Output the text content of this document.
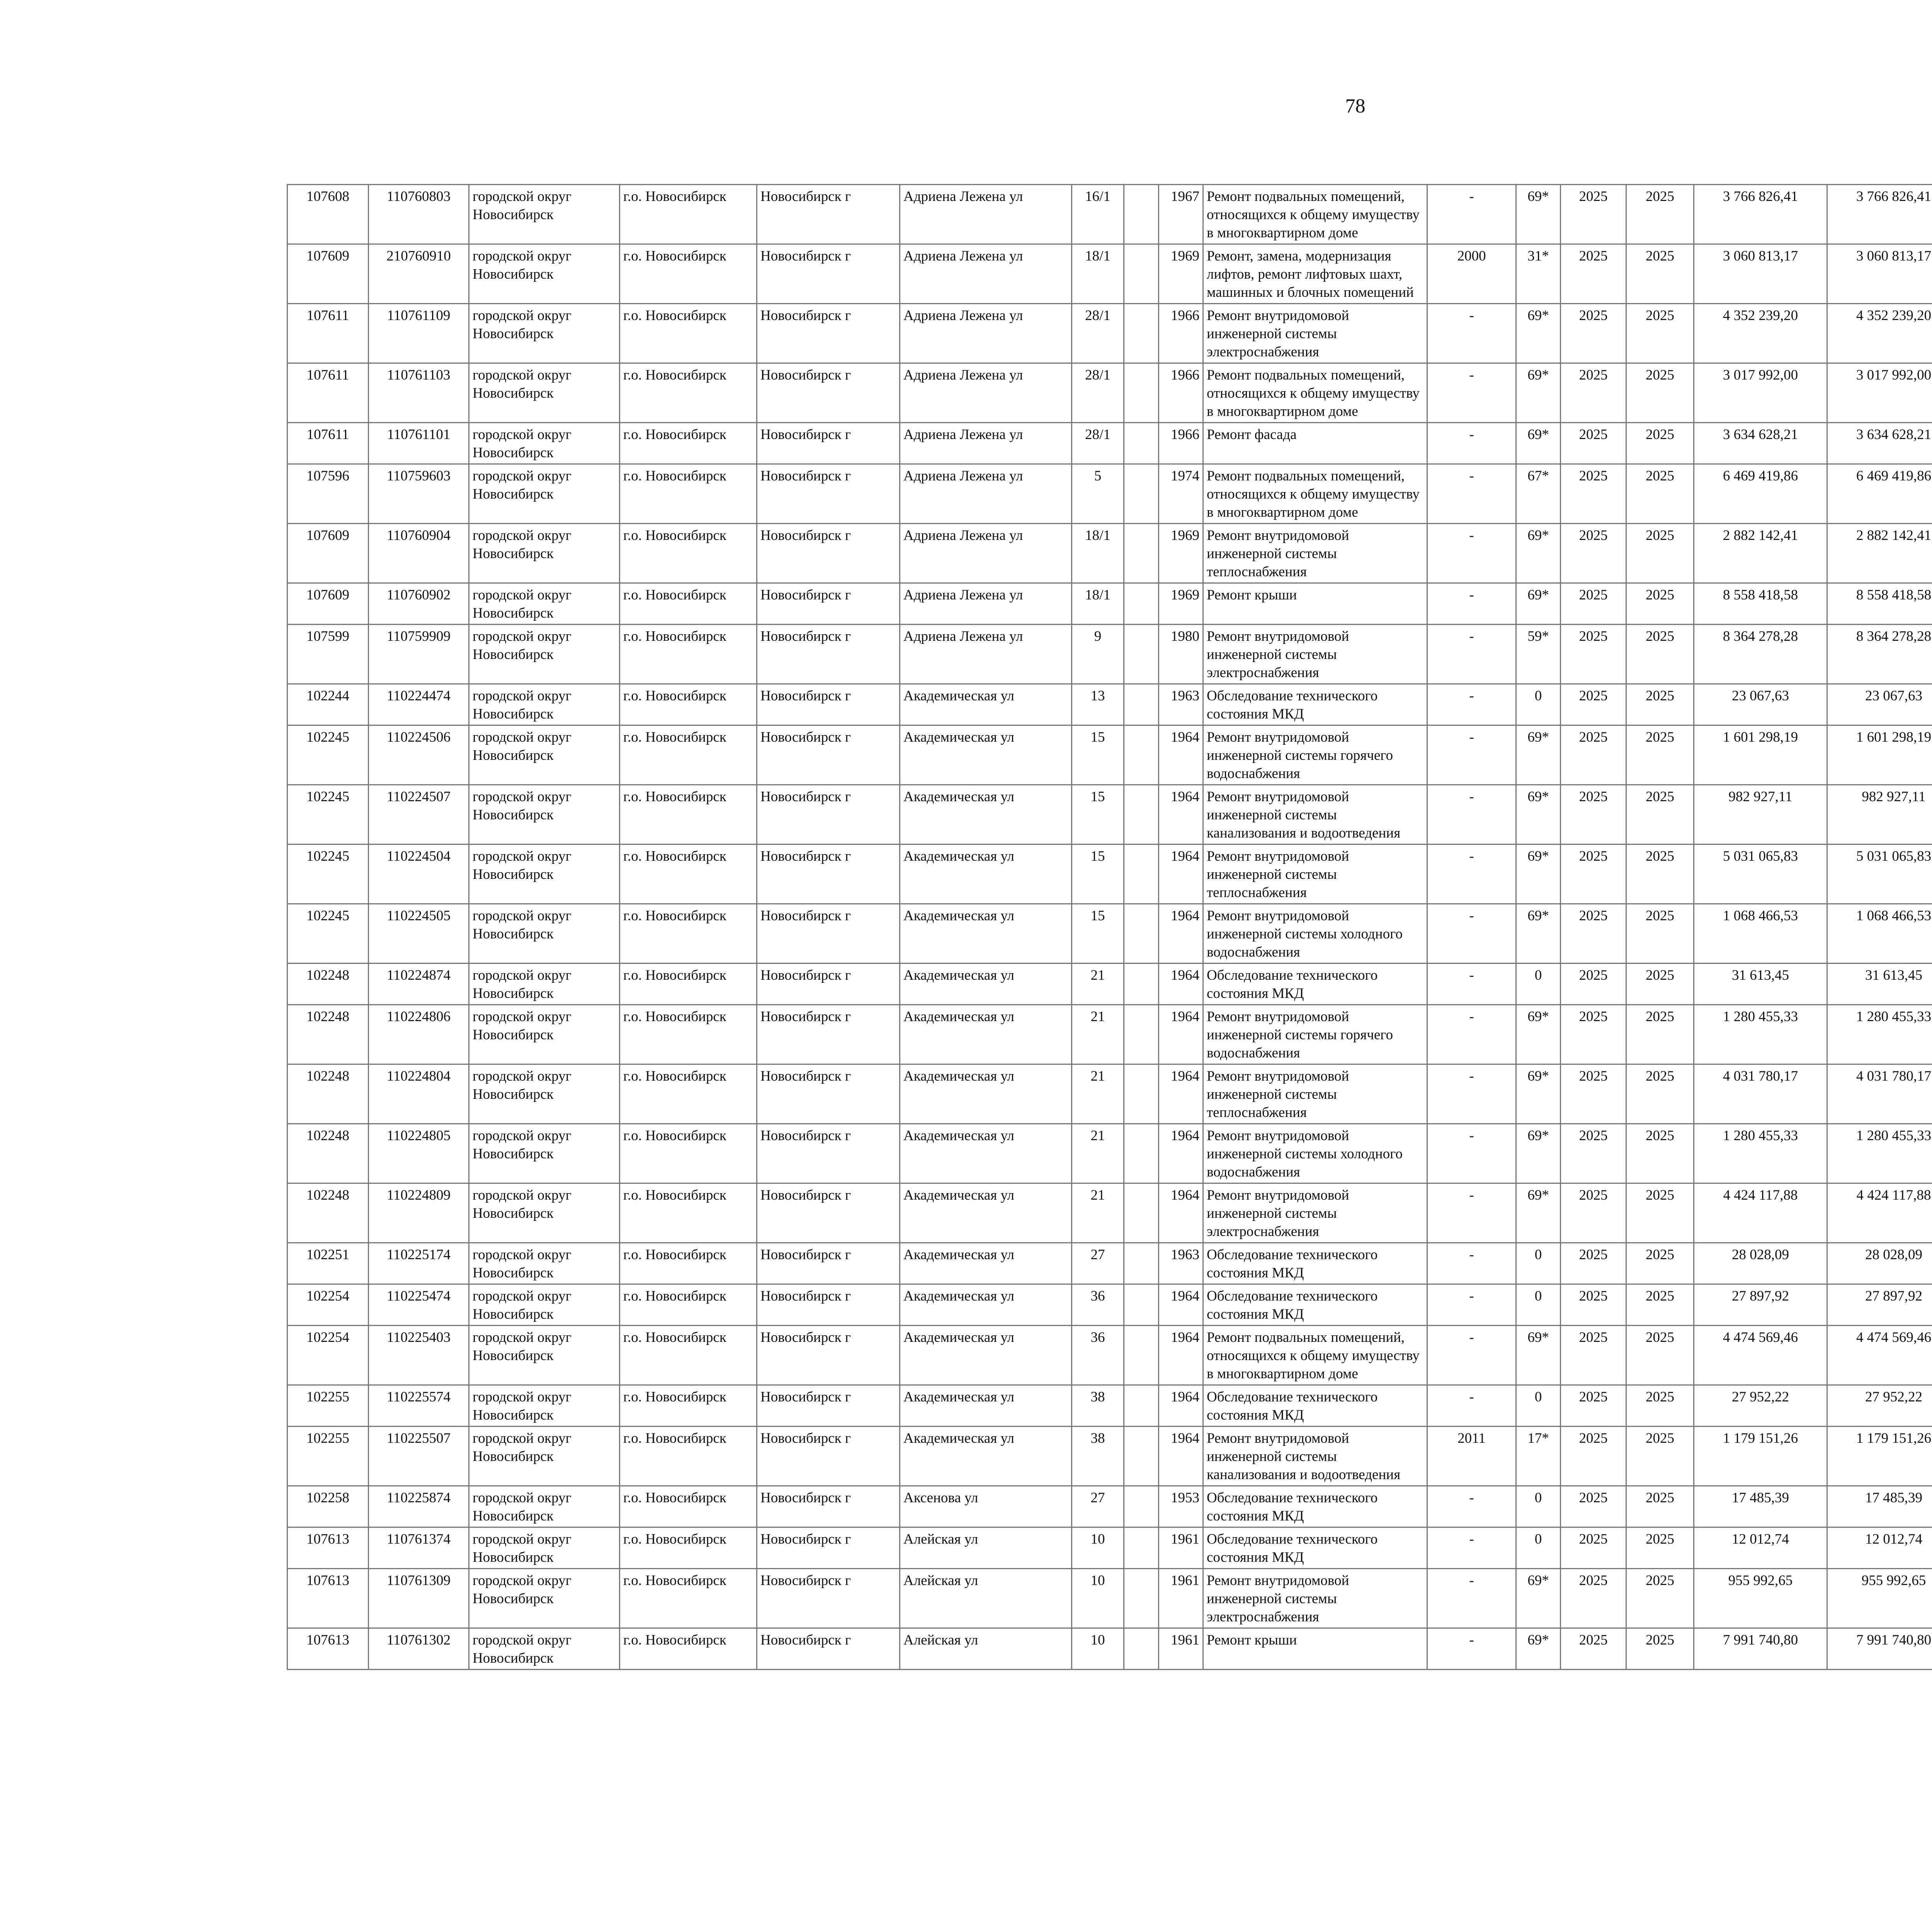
78
107608	110760803	городской округ Новосибирск	г.о. Новосибирск	Новосибирск г	Адриена Лежена ул	16/1		1967	Ремонт подвальных помещений, относящихся к общему имуществу в многоквартирном доме	-	69*	2025	2025	3 766 826,41	3 766 826,41						
107609	210760910	городской округ Новосибирск	г.о. Новосибирск	Новосибирск г	Адриена Лежена ул	18/1		1969	Ремонт, замена, модернизация лифтов, ремонт лифтовых шахт, машинных и блочных помещений	2000	31*	2025	2025	3 060 813,17	3 060 813,17						
107611	110761109	городской округ Новосибирск	г.о. Новосибирск	Новосибирск г	Адриена Лежена ул	28/1		1966	Ремонт внутридомовой инженерной системы электроснабжения	-	69*	2025	2025	4 352 239,20	4 352 239,20						
107611	110761103	городской округ Новосибирск	г.о. Новосибирск	Новосибирск г	Адриена Лежена ул	28/1		1966	Ремонт подвальных помещений, относящихся к общему имуществу в многоквартирном доме	-	69*	2025	2025	3 017 992,00	3 017 992,00						
107611	110761101	городской округ Новосибирск	г.о. Новосибирск	Новосибирск г	Адриена Лежена ул	28/1		1966	Ремонт фасада	-	69*	2025	2025	3 634 628,21	3 634 628,21						
107596	110759603	городской округ Новосибирск	г.о. Новосибирск	Новосибирск г	Адриена Лежена ул	5		1974	Ремонт подвальных помещений, относящихся к общему имуществу в многоквартирном доме	-	67*	2025	2025	6 469 419,86	6 469 419,86						
107609	110760904	городской округ Новосибирск	г.о. Новосибирск	Новосибирск г	Адриена Лежена ул	18/1		1969	Ремонт внутридомовой инженерной системы теплоснабжения	-	69*	2025	2025	2 882 142,41	2 882 142,41						
107609	110760902	городской округ Новосибирск	г.о. Новосибирск	Новосибирск г	Адриена Лежена ул	18/1		1969	Ремонт крыши	-	69*	2025	2025	8 558 418,58	8 558 418,58						
107599	110759909	городской округ Новосибирск	г.о. Новосибирск	Новосибирск г	Адриена Лежена ул	9		1980	Ремонт внутридомовой инженерной системы электроснабжения	-	59*	2025	2025	8 364 278,28	8 364 278,28						
102244	110224474	городской округ Новосибирск	г.о. Новосибирск	Новосибирск г	Академическая ул	13		1963	Обследование технического состояния МКД	-	0	2025	2025	23 067,63	23 067,63						
102245	110224506	городской округ Новосибирск	г.о. Новосибирск	Новосибирск г	Академическая ул	15		1964	Ремонт внутридомовой инженерной системы горячего водоснабжения	-	69*	2025	2025	1 601 298,19	1 601 298,19						
102245	110224507	городской округ Новосибирск	г.о. Новосибирск	Новосибирск г	Академическая ул	15		1964	Ремонт внутридомовой инженерной системы канализования и водоотведения	-	69*	2025	2025	982 927,11	982 927,11						
102245	110224504	городской округ Новосибирск	г.о. Новосибирск	Новосибирск г	Академическая ул	15		1964	Ремонт внутридомовой инженерной системы теплоснабжения	-	69*	2025	2025	5 031 065,83	5 031 065,83						
102245	110224505	городской округ Новосибирск	г.о. Новосибирск	Новосибирск г	Академическая ул	15		1964	Ремонт внутридомовой инженерной системы холодного водоснабжения	-	69*	2025	2025	1 068 466,53	1 068 466,53						
102248	110224874	городской округ Новосибирск	г.о. Новосибирск	Новосибирск г	Академическая ул	21		1964	Обследование технического состояния МКД	-	0	2025	2025	31 613,45	31 613,45						
102248	110224806	городской округ Новосибирск	г.о. Новосибирск	Новосибирск г	Академическая ул	21		1964	Ремонт внутридомовой инженерной системы горячего водоснабжения	-	69*	2025	2025	1 280 455,33	1 280 455,33						
102248	110224804	городской округ Новосибирск	г.о. Новосибирск	Новосибирск г	Академическая ул	21		1964	Ремонт внутридомовой инженерной системы теплоснабжения	-	69*	2025	2025	4 031 780,17	4 031 780,17						
102248	110224805	городской округ Новосибирск	г.о. Новосибирск	Новосибирск г	Академическая ул	21		1964	Ремонт внутридомовой инженерной системы холодного водоснабжения	-	69*	2025	2025	1 280 455,33	1 280 455,33						
102248	110224809	городской округ Новосибирск	г.о. Новосибирск	Новосибирск г	Академическая ул	21		1964	Ремонт внутридомовой инженерной системы электроснабжения	-	69*	2025	2025	4 424 117,88	4 424 117,88						
102251	110225174	городской округ Новосибирск	г.о. Новосибирск	Новосибирск г	Академическая ул	27		1963	Обследование технического состояния МКД	-	0	2025	2025	28 028,09	28 028,09						
102254	110225474	городской округ Новосибирск	г.о. Новосибирск	Новосибирск г	Академическая ул	36		1964	Обследование технического состояния МКД	-	0	2025	2025	27 897,92	27 897,92						
102254	110225403	городской округ Новосибирск	г.о. Новосибирск	Новосибирск г	Академическая ул	36		1964	Ремонт подвальных помещений, относящихся к общему имуществу в многоквартирном доме	-	69*	2025	2025	4 474 569,46	4 474 569,46						
102255	110225574	городской округ Новосибирск	г.о. Новосибирск	Новосибирск г	Академическая ул	38		1964	Обследование технического состояния МКД	-	0	2025	2025	27 952,22	27 952,22						
102255	110225507	городской округ Новосибирск	г.о. Новосибирск	Новосибирск г	Академическая ул	38		1964	Ремонт внутридомовой инженерной системы канализования и водоотведения	2011	17*	2025	2025	1 179 151,26	1 179 151,26						
102258	110225874	городской округ Новосибирск	г.о. Новосибирск	Новосибирск г	Аксенова ул	27		1953	Обследование технического состояния МКД	-	0	2025	2025	17 485,39	17 485,39						
107613	110761374	городской округ Новосибирск	г.о. Новосибирск	Новосибирск г	Алейская ул	10		1961	Обследование технического состояния МКД	-	0	2025	2025	12 012,74	12 012,74						
107613	110761309	городской округ Новосибирск	г.о. Новосибирск	Новосибирск г	Алейская ул	10		1961	Ремонт внутридомовой инженерной системы электроснабжения	-	69*	2025	2025	955 992,65	955 992,65						
107613	110761302	городской округ Новосибирск	г.о. Новосибирск	Новосибирск г	Алейская ул	10		1961	Ремонт крыши	-	69*	2025	2025	7 991 740,80	7 991 740,80						
